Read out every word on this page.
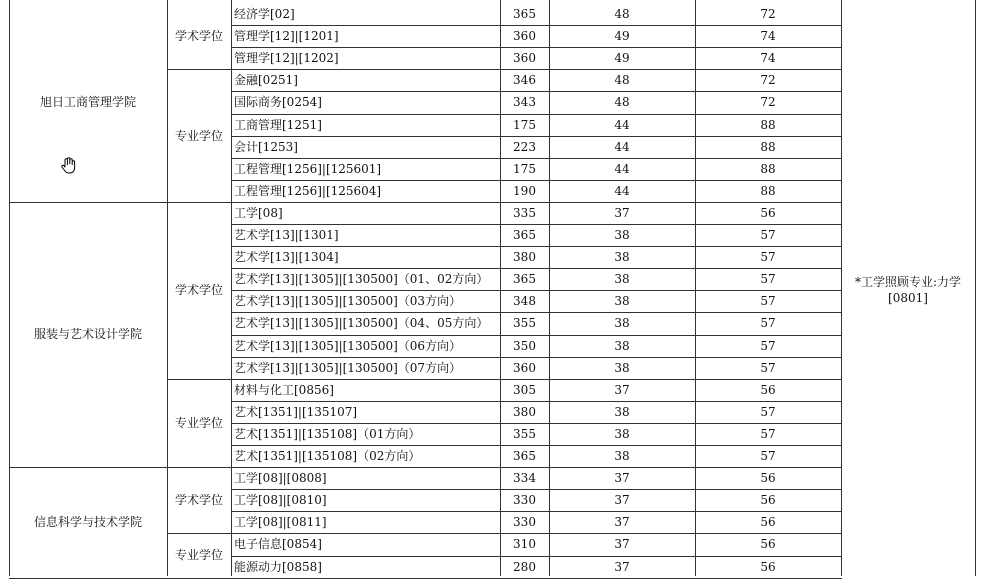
经济学[02]	365	48	72
管理学[12]|[1201]	360	49	74
管理学[12]|[1202]	360	49	74
学术学位
金融[0251]	346	48	72
国际商务[0254]	343	48	72
工商管理[1251]	175	44	88
会计[1253]	223	44	88
工程管理[1256]|[125601]	175	44	88
工程管理[1256]|[125604]	190	44	88
专业学位
旭日工商管理学院
工学[08]	335	37	56
艺术学[13]|[1301]	365	38	57
艺术学[13]|[1304]	380	38	57
艺术学[13]|[1305]|[130500]（01、02方向）	365	38	57
艺术学[13]|[1305]|[130500]（03方向）	348	38	57
艺术学[13]|[1305]|[130500]（04、05方向）	355	38	57
艺术学[13]|[1305]|[130500]（06方向）	350	38	57
艺术学[13]|[1305]|[130500]（07方向）	360	38	57
学术学位
材料与化工[0856]	305	37	56
艺术[1351]|[135107]	380	38	57
艺术[1351]|[135108]（01方向）	355	38	57
艺术[1351]|[135108]（02方向）	365	38	57
专业学位
服装与艺术设计学院
工学[08]|[0808]	334	37	56
工学[08]|[0810]	330	37	56
工学[08]|[0811]	330	37	56
学术学位
电子信息[0854]	310	37	56
能源动力[0858]	280	37	56
专业学位
信息科学与技术学院
*工学照顾专业:力学[0801]
